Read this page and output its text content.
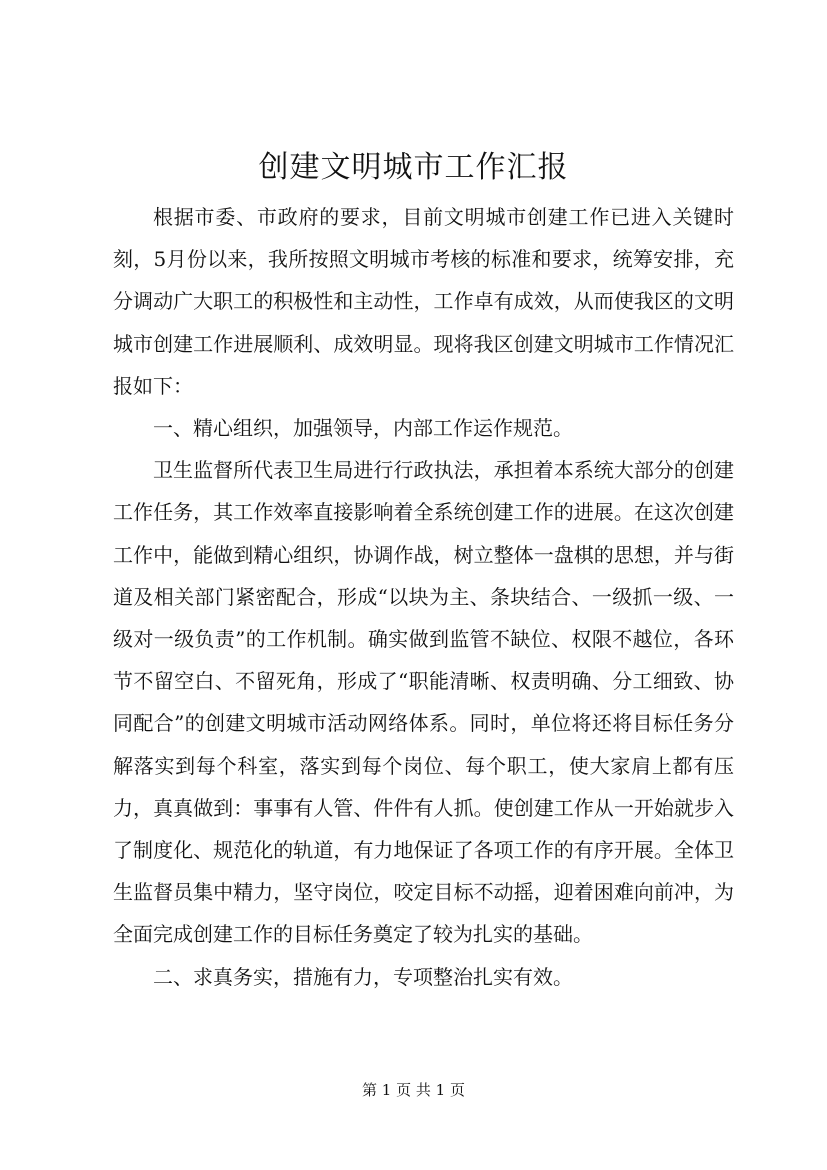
创建文明城市工作汇报

根据市委、市政府的要求，目前文明城市创建工作已进入关键时刻，5月份以来，我所按照文明城市考核的标准和要求，统筹安排，充分调动广大职工的积极性和主动性，工作卓有成效，从而使我区的文明城市创建工作进展顺利、成效明显。现将我区创建文明城市工作情况汇报如下：

一、精心组织，加强领导，内部工作运作规范。

卫生监督所代表卫生局进行行政执法，承担着本系统大部分的创建工作任务，其工作效率直接影响着全系统创建工作的进展。在这次创建工作中，能做到精心组织，协调作战，树立整体一盘棋的思想，并与街道及相关部门紧密配合，形成“以块为主、条块结合、一级抓一级、一级对一级负责”的工作机制。确实做到监管不缺位、权限不越位，各环节不留空白、不留死角，形成了“职能清晰、权责明确、分工细致、协同配合”的创建文明城市活动网络体系。同时，单位将还将目标任务分解落实到每个科室，落实到每个岗位、每个职工，使大家肩上都有压力，真真做到：事事有人管、件件有人抓。使创建工作从一开始就步入了制度化、规范化的轨道，有力地保证了各项工作的有序开展。全体卫生监督员集中精力，坚守岗位，咬定目标不动摇，迎着困难向前冲，为全面完成创建工作的目标任务奠定了较为扎实的基础。

二、求真务实，措施有力，专项整治扎实有效。

第 1 页 共 1 页
